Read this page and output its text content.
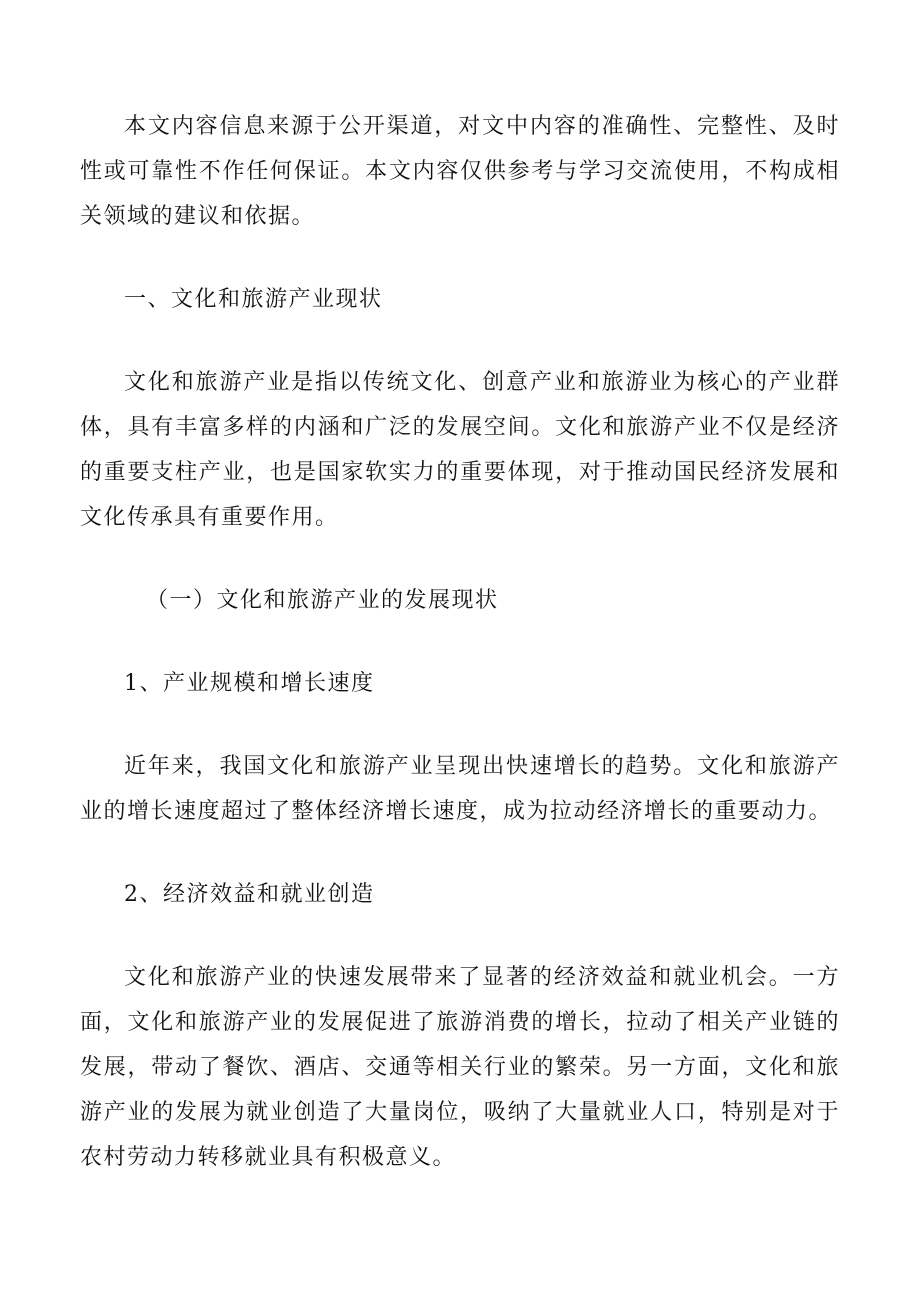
本文内容信息来源于公开渠道，对文中内容的准确性、完整性、及时性或可靠性不作任何保证。本文内容仅供参考与学习交流使用，不构成相关领域的建议和依据。

一、文化和旅游产业现状

文化和旅游产业是指以传统文化、创意产业和旅游业为核心的产业群体，具有丰富多样的内涵和广泛的发展空间。文化和旅游产业不仅是经济的重要支柱产业，也是国家软实力的重要体现，对于推动国民经济发展和文化传承具有重要作用。

（一）文化和旅游产业的发展现状

1、产业规模和增长速度

近年来，我国文化和旅游产业呈现出快速增长的趋势。文化和旅游产业的增长速度超过了整体经济增长速度，成为拉动经济增长的重要动力。

2、经济效益和就业创造

文化和旅游产业的快速发展带来了显著的经济效益和就业机会。一方面，文化和旅游产业的发展促进了旅游消费的增长，拉动了相关产业链的发展，带动了餐饮、酒店、交通等相关行业的繁荣。另一方面，文化和旅游产业的发展为就业创造了大量岗位，吸纳了大量就业人口，特别是对于农村劳动力转移就业具有积极意义。
